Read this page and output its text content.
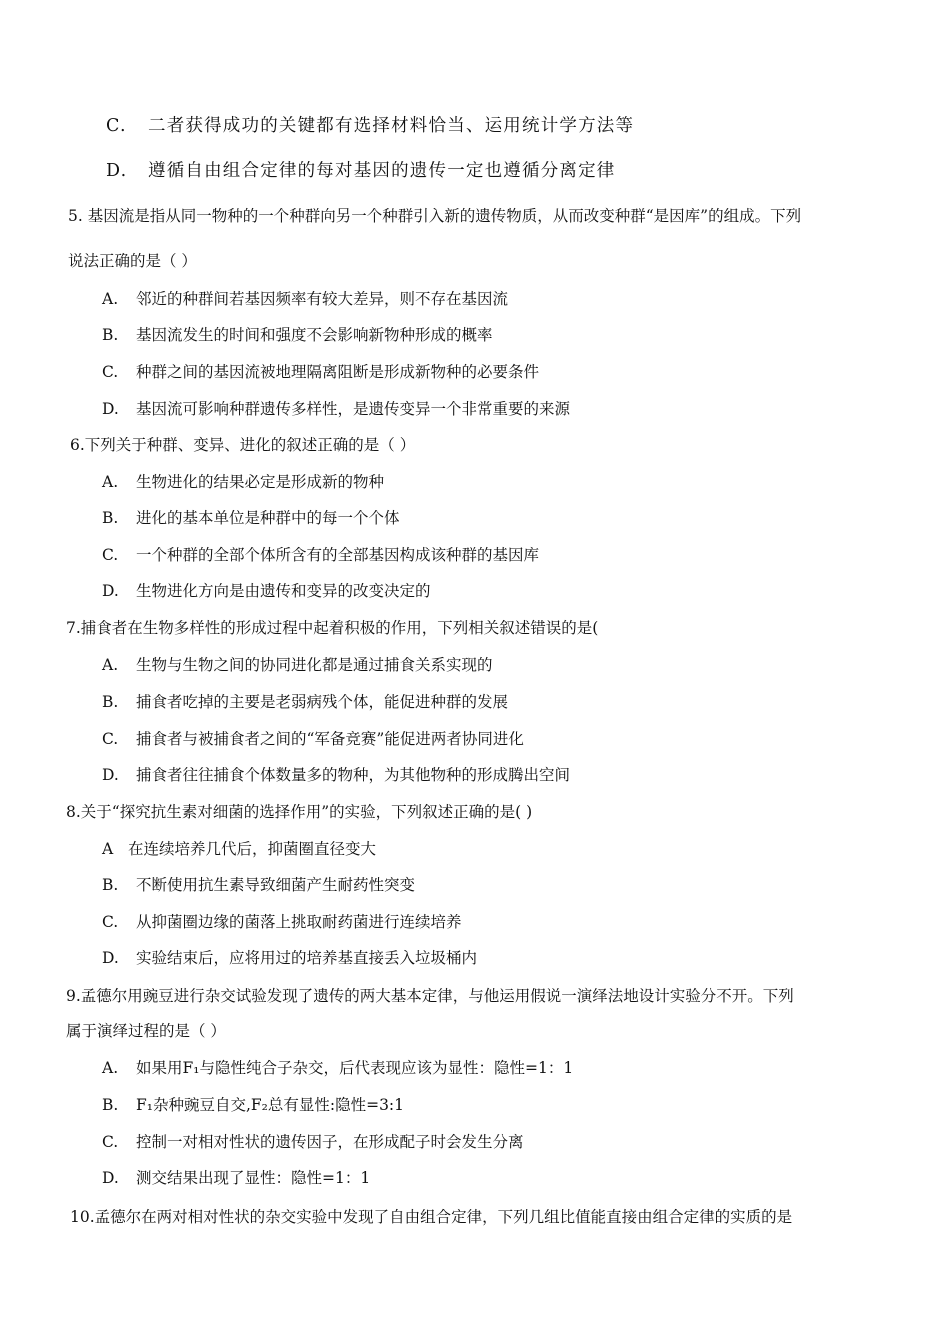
C. 二者获得成功的关键都有选择材料恰当、运用统计学方法等
D. 遵循自由组合定律的每对基因的遗传一定也遵循分离定律
5. 基因流是指从同一物种的一个种群向另一个种群引入新的遗传物质，从而改变种群“是因库”的组成。下列
说法正确的是（ ）
A. 邻近的种群间若基因频率有较大差异，则不存在基因流
B. 基因流发生的时间和强度不会影响新物种形成的概率
C. 种群之间的基因流被地理隔离阻断是形成新物种的必要条件
D. 基因流可影响种群遗传多样性，是遗传变异一个非常重要的来源
6.下列关于种群、变异、进化的叙述正确的是（ ）
A. 生物进化的结果必定是形成新的物种
B. 进化的基本单位是种群中的每一个个体
C. 一个种群的全部个体所含有的全部基因构成该种群的基因库
D. 生物进化方向是由遗传和变异的改变决定的
7.捕食者在生物多样性的形成过程中起着积极的作用，下列相关叙述错误的是(
A. 生物与生物之间的协同进化都是通过捕食关系实现的
B. 捕食者吃掉的主要是老弱病残个体，能促进种群的发展
C. 捕食者与被捕食者之间的“军备竞赛”能促进两者协同进化
D. 捕食者往往捕食个体数量多的物种，为其他物种的形成腾出空间
8.关于“探究抗生素对细菌的选择作用”的实验，下列叙述正确的是( )
A 在连续培养几代后，抑菌圈直径变大
B. 不断使用抗生素导致细菌产生耐药性突变
C. 从抑菌圈边缘的菌落上挑取耐药菌进行连续培养
D. 实验结束后，应将用过的培养基直接丢入垃圾桶内
9.孟德尔用豌豆进行杂交试验发现了遗传的两大基本定律，与他运用假说一演绎法地设计实验分不开。下列
属于演绎过程的是（ ）
A. 如果用F₁与隐性纯合子杂交，后代表现应该为显性：隐性=1：1
B. F₁杂种豌豆自交,F₂总有显性:隐性=3:1
C. 控制一对相对性状的遗传因子，在形成配子时会发生分离
D. 测交结果出现了显性：隐性=1：1
10.孟德尔在两对相对性状的杂交实验中发现了自由组合定律，下列几组比值能直接由组合定律的实质的是
